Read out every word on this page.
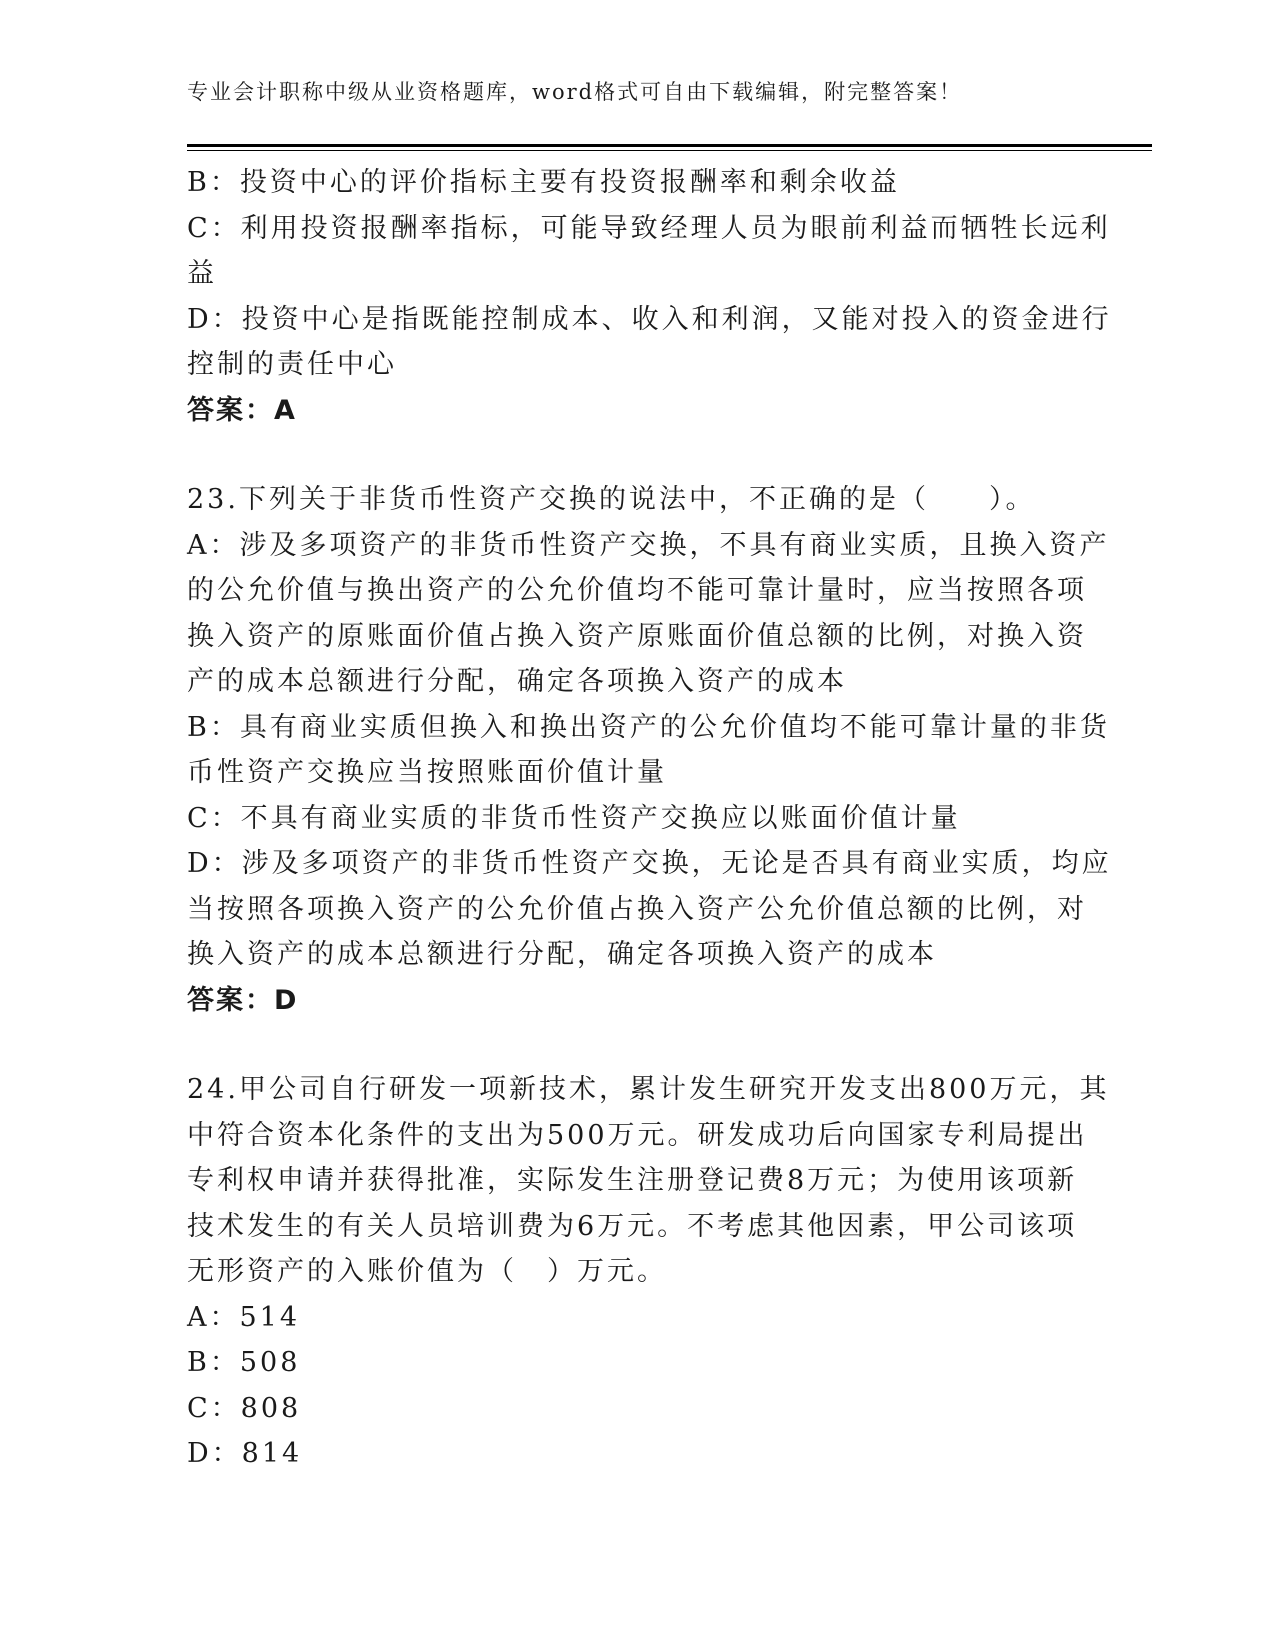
专业会计职称中级从业资格题库，word格式可自由下载编辑，附完整答案！
B：投资中心的评价指标主要有投资报酬率和剩余收益
C：利用投资报酬率指标，可能导致经理人员为眼前利益而牺牲长远利
益
D：投资中心是指既能控制成本、收入和利润，又能对投入的资金进行
控制的责任中心
答案：A
23.下列关于非货币性资产交换的说法中，不正确的是（　　）。
A：涉及多项资产的非货币性资产交换，不具有商业实质，且换入资产
的公允价值与换出资产的公允价值均不能可靠计量时，应当按照各项
换入资产的原账面价值占换入资产原账面价值总额的比例，对换入资
产的成本总额进行分配，确定各项换入资产的成本
B：具有商业实质但换入和换出资产的公允价值均不能可靠计量的非货
币性资产交换应当按照账面价值计量
C：不具有商业实质的非货币性资产交换应以账面价值计量
D：涉及多项资产的非货币性资产交换，无论是否具有商业实质，均应
当按照各项换入资产的公允价值占换入资产公允价值总额的比例，对
换入资产的成本总额进行分配，确定各项换入资产的成本
答案：D
24.甲公司自行研发一项新技术，累计发生研究开发支出800万元，其
中符合资本化条件的支出为500万元。研发成功后向国家专利局提出
专利权申请并获得批准，实际发生注册登记费8万元；为使用该项新
技术发生的有关人员培训费为6万元。不考虑其他因素，甲公司该项
无形资产的入账价值为（　）万元。
A：514
B：508
C：808
D：814
